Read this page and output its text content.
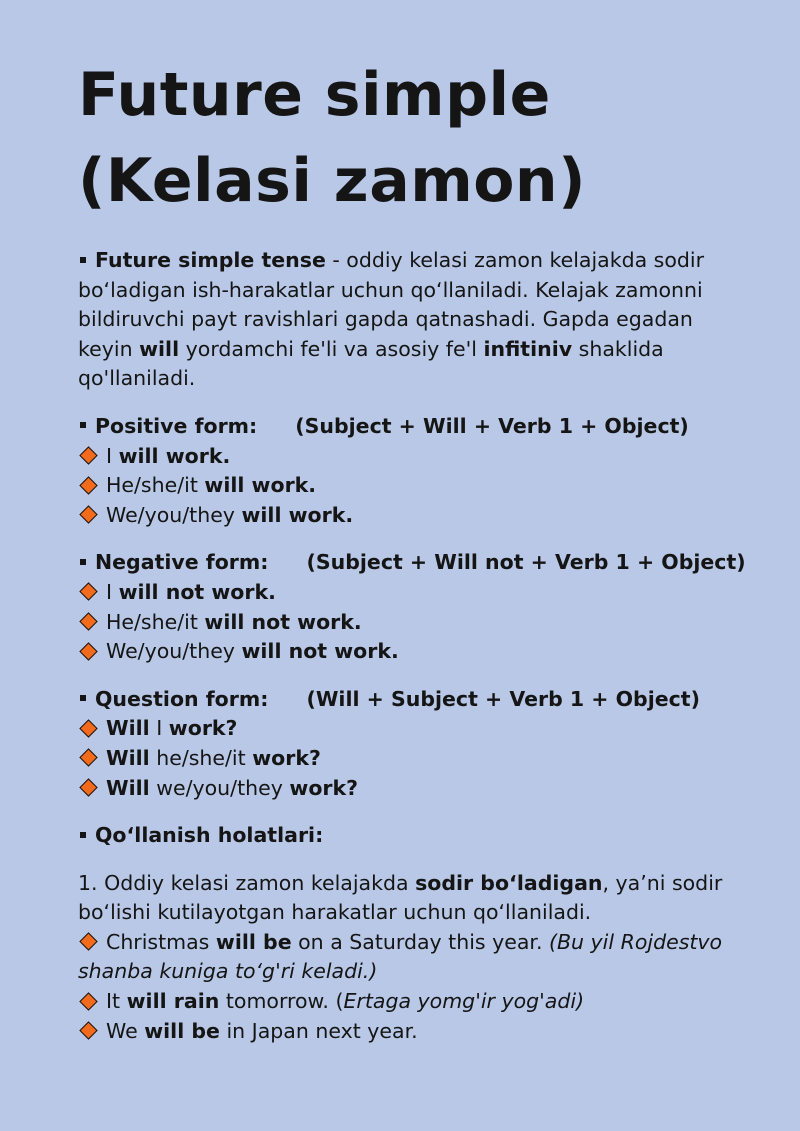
Future simple
(Kelasi zamon)
Future simple tense - oddiy kelasi zamon kelajakda sodir
boʻladigan ish-harakatlar uchun qoʻllaniladi. Kelajak zamonni
bildiruvchi payt ravishlari gapda qatnashadi. Gapda egadan
keyin will yordamchi fe'li va asosiy fe'l infitiniv shaklida
qo'llaniladi.
Positive form: (Subject + Will + Verb 1 + Object)
I will work.
He/she/it will work.
We/you/they will work.
Negative form: (Subject + Will not + Verb 1 + Object)
I will not work.
He/she/it will not work.
We/you/they will not work.
Question form: (Will + Subject + Verb 1 + Object)
Will I work?
Will he/she/it work?
Will we/you/they work?
Qoʻllanish holatlari:
1. Oddiy kelasi zamon kelajakda sodir boʻladigan, ya’ni sodir
boʻlishi kutilayotgan harakatlar uchun qoʻllaniladi.
Christmas will be on a Saturday this year. (Bu yil Rojdestvo
shanba kuniga toʻg'ri keladi.)
It will rain tomorrow. (Ertaga yomg'ir yog'adi)
We will be in Japan next year.
